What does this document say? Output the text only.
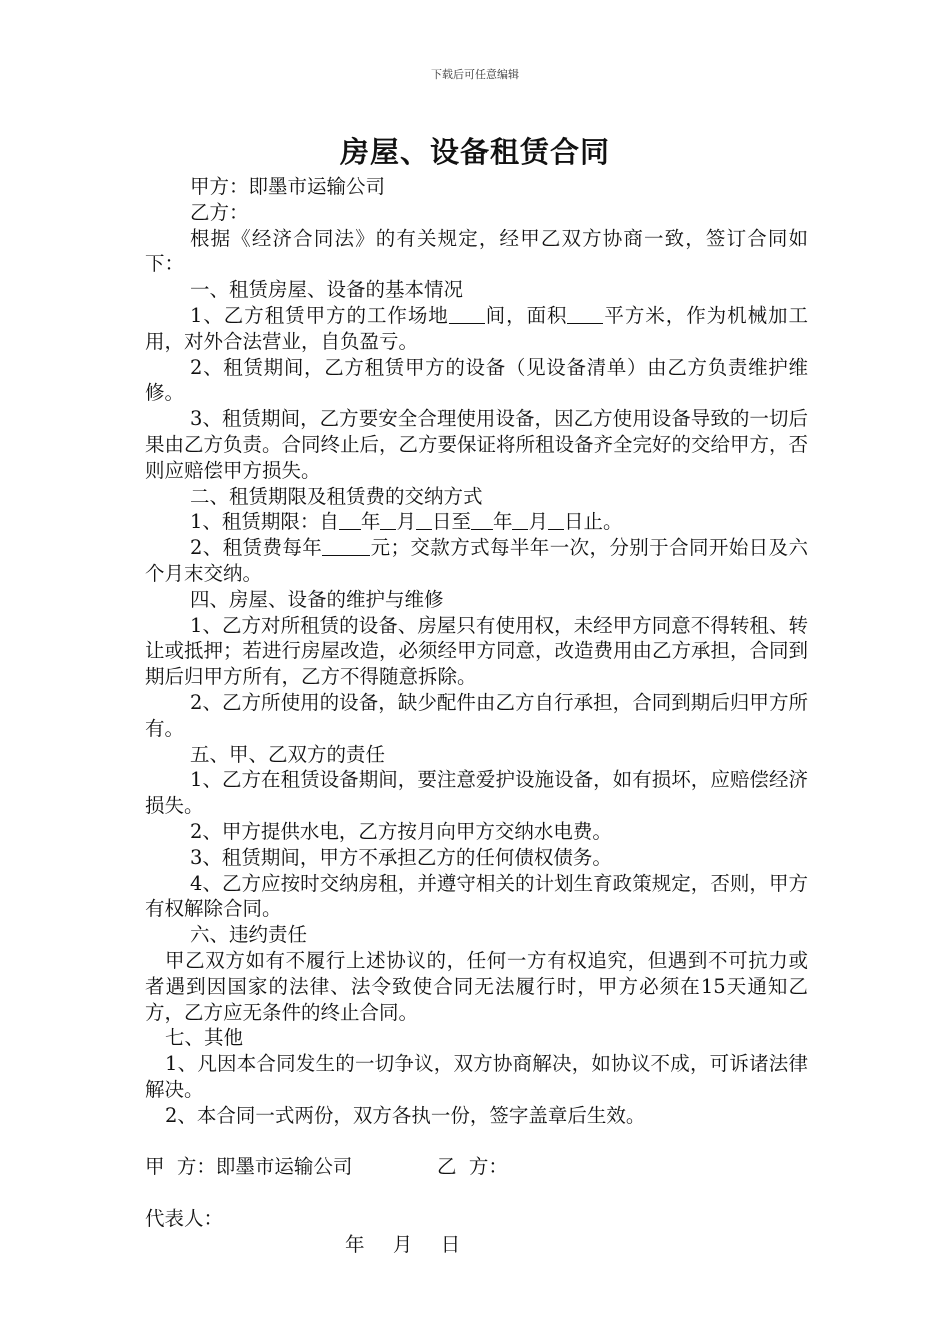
下载后可任意编辑
房屋、设备租赁合同

甲方：即墨市运输公司

乙方：

根据《经济合同法》的有关规定，经甲乙双方协商一致，签订合同如下：

一、租赁房屋、设备的基本情况

1、乙方租赁甲方的工作场地 间，面积 平方米，作为机械加工用，对外合法营业，自负盈亏。

2、租赁期间，乙方租赁甲方的设备（见设备清单）由乙方负责维护维修。

3、租赁期间，乙方要安全合理使用设备，因乙方使用设备导致的一切后果由乙方负责。合同终止后，乙方要保证将所租设备齐全完好的交给甲方，否则应赔偿甲方损失。

二、租赁期限及租赁费的交纳方式

1、租赁期限：自 年 月 日至 年 月 日止。

2、租赁费每年 元；交款方式每半年一次，分别于合同开始日及六个月末交纳。

四、房屋、设备的维护与维修

1、乙方对所租赁的设备、房屋只有使用权，未经甲方同意不得转租、转让或抵押；若进行房屋改造，必须经甲方同意，改造费用由乙方承担，合同到期后归甲方所有，乙方不得随意拆除。

2、乙方所使用的设备，缺少配件由乙方自行承担，合同到期后归甲方所有。

五、甲、乙双方的责任

1、乙方在租赁设备期间，要注意爱护设施设备，如有损坏，应赔偿经济损失。

2、甲方提供水电，乙方按月向甲方交纳水电费。

3、租赁期间，甲方不承担乙方的任何债权债务。

4、乙方应按时交纳房租，并遵守相关的计划生育政策规定，否则，甲方有权解除合同。

六、违约责任

甲乙双方如有不履行上述协议的，任何一方有权追究，但遇到不可抗力或者遇到因国家的法律、法令致使合同无法履行时，甲方必须在15天通知乙方，乙方应无条件的终止合同。

七、其他

1、凡因本合同发生的一切争议，双方协商解决，如协议不成，可诉诸法律解决。

2、本合同一式两份，双方各执一份，签字盖章后生效。

甲  方：即墨市运输公司	乙  方：

代表人：

年  月  日
